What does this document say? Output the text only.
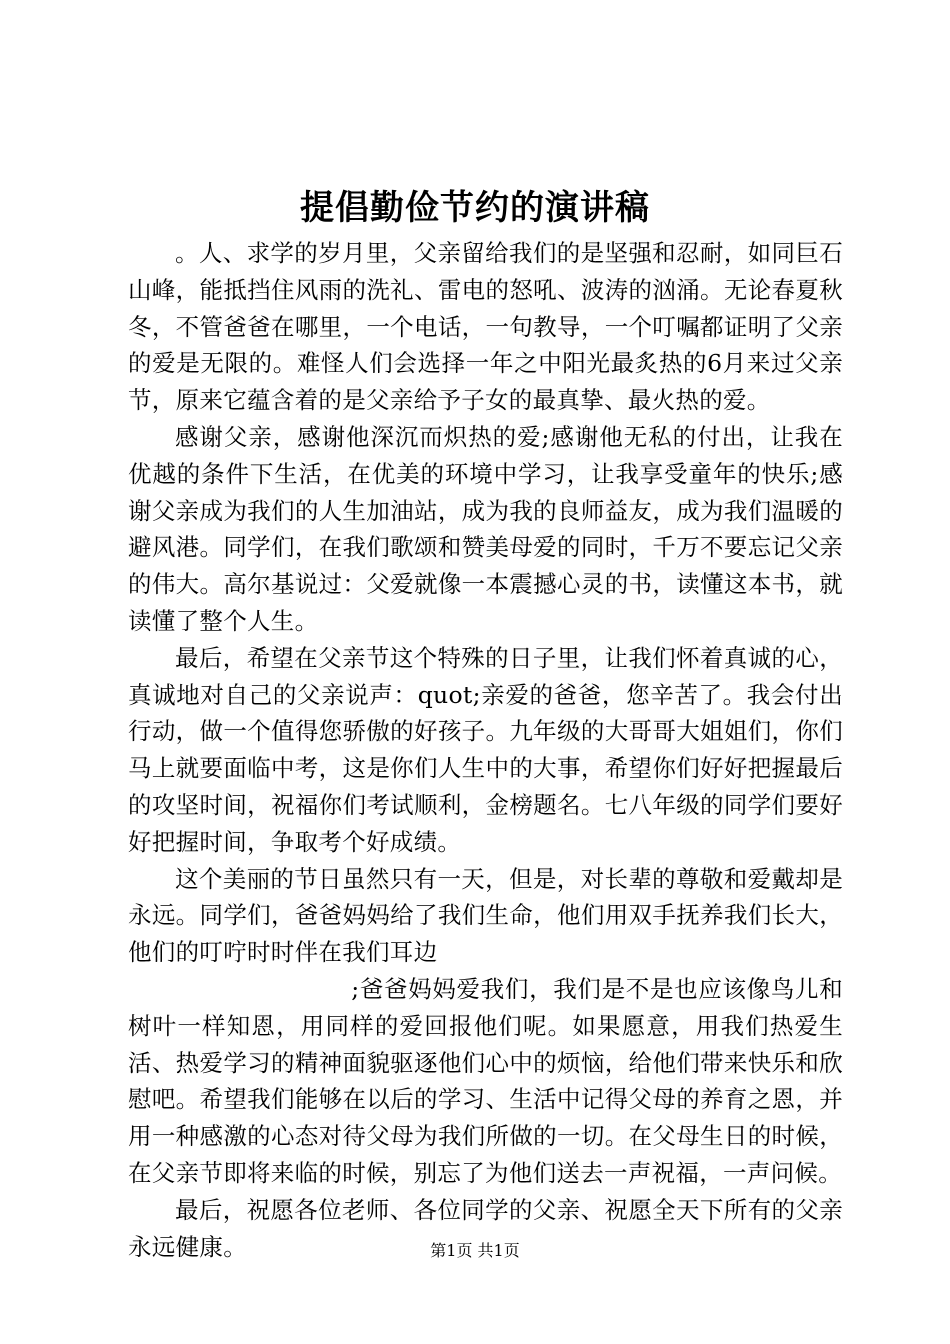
提倡勤俭节约的演讲稿

。人、求学的岁月里，父亲留给我们的是坚强和忍耐，如同巨石山峰，能抵挡住风雨的洗礼、雷电的怒吼、波涛的汹涌。无论春夏秋冬，不管爸爸在哪里，一个电话，一句教导，一个叮嘱都证明了父亲的爱是无限的。难怪人们会选择一年之中阳光最炙热的6月来过父亲节，原来它蕴含着的是父亲给予子女的最真挚、最火热的爱。

感谢父亲，感谢他深沉而炽热的爱;感谢他无私的付出，让我在优越的条件下生活，在优美的环境中学习，让我享受童年的快乐;感谢父亲成为我们的人生加油站，成为我的良师益友，成为我们温暖的避风港。同学们，在我们歌颂和赞美母爱的同时，千万不要忘记父亲的伟大。高尔基说过：父爱就像一本震撼心灵的书，读懂这本书，就读懂了整个人生。

最后，希望在父亲节这个特殊的日子里，让我们怀着真诚的心，真诚地对自己的父亲说声：quot;亲爱的爸爸，您辛苦了。我会付出行动，做一个值得您骄傲的好孩子。九年级的大哥哥大姐姐们，你们马上就要面临中考，这是你们人生中的大事，希望你们好好把握最后的攻坚时间，祝福你们考试顺利，金榜题名。七八年级的同学们要好好把握时间，争取考个好成绩。

这个美丽的节日虽然只有一天，但是，对长辈的尊敬和爱戴却是永远。同学们，爸爸妈妈给了我们生命，他们用双手抚养我们长大，他们的叮咛时时伴在我们耳边

;爸爸妈妈爱我们，我们是不是也应该像鸟儿和树叶一样知恩，用同样的爱回报他们呢。如果愿意，用我们热爱生活、热爱学习的精神面貌驱逐他们心中的烦恼，给他们带来快乐和欣慰吧。希望我们能够在以后的学习、生活中记得父母的养育之恩，并用一种感激的心态对待父母为我们所做的一切。在父母生日的时候，在父亲节即将来临的时候，别忘了为他们送去一声祝福，一声问候。

最后，祝愿各位老师、各位同学的父亲、祝愿全天下所有的父亲永远健康。	第1页 共1页
